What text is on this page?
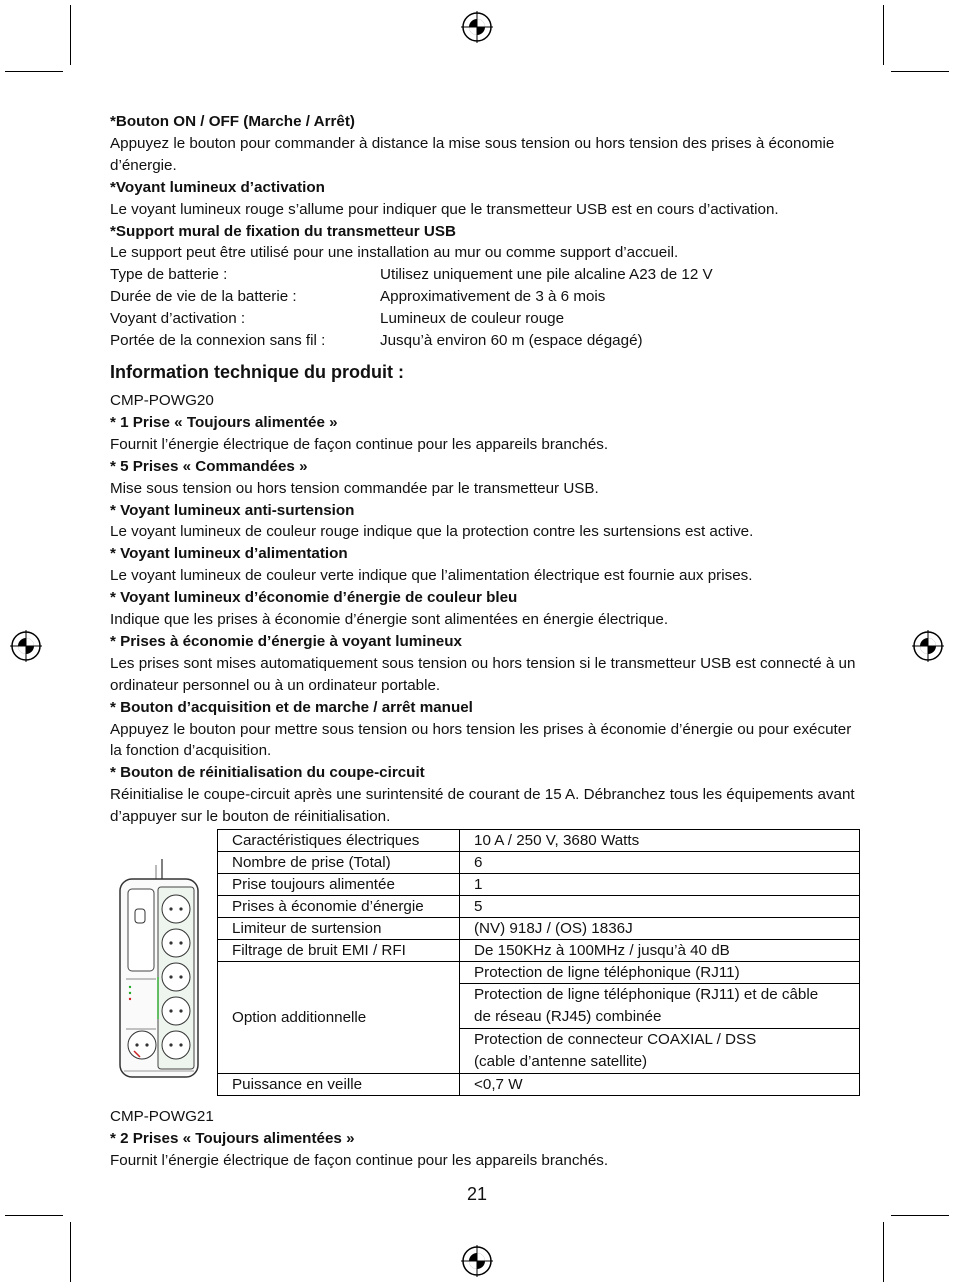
*Bouton ON / OFF (Marche / Arrêt)

Appuyez le bouton pour commander à distance la mise sous tension ou hors tension des prises à économie d’énergie.

*Voyant lumineux d’activation

Le voyant lumineux rouge s’allume pour indiquer que le transmetteur USB est en cours d’activation.

*Support mural de fixation du transmetteur USB

Le support peut être utilisé pour une installation au mur ou comme support d’accueil.

Type de batterie :	Utilisez uniquement une pile alcaline A23 de 12 V
Durée de vie de la batterie :	Approximativement de 3 à 6 mois
Voyant d’activation :	Lumineux de couleur rouge
Portée de la connexion sans fil :	Jusqu’à environ 60 m (espace dégagé)
Information technique du produit :

CMP-POWG20

* 1 Prise « Toujours alimentée »

Fournit l’énergie électrique de façon continue pour les appareils branchés.

* 5 Prises « Commandées »

Mise sous tension ou hors tension commandée par le transmetteur USB.

* Voyant lumineux anti-surtension

Le voyant lumineux de couleur rouge indique que la protection contre les surtensions est active.

* Voyant lumineux d’alimentation

Le voyant lumineux de couleur verte indique que l’alimentation électrique est fournie aux prises.

* Voyant lumineux d’économie d’énergie de couleur bleu

Indique que les prises à économie d’énergie sont alimentées en énergie électrique.

* Prises à économie d’énergie à voyant lumineux

Les prises sont mises automatiquement sous tension ou hors tension si le transmetteur USB est connecté à un ordinateur personnel ou à un ordinateur portable.

* Bouton d’acquisition et de marche / arrêt manuel

Appuyez le bouton pour mettre sous tension ou hors tension les prises à économie d’énergie ou pour exécuter la fonction d’acquisition.

* Bouton de réinitialisation du coupe-circuit

Réinitialise le coupe-circuit après une surintensité de courant de 15 A. Débranchez tous les équipements avant d’appuyer sur le bouton de réinitialisation.

Caractéristiques électriques	10 A / 250 V, 3680 Watts
Nombre de prise (Total)	6
Prise toujours alimentée	1
Prises à économie d’énergie	5
Limiteur de surtension	(NV) 918J / (OS) 1836J
Filtrage de bruit EMI / RFI	De 150KHz à 100MHz / jusqu’à 40 dB
Option additionnelle	Protection de ligne téléphonique (RJ11)

	Protection de ligne téléphonique (RJ11) et de câble
de réseau (RJ45) combinée

	Protection de connecteur COAXIAL / DSS
(cable d’antenne satellite)

Puissance en veille	<0,7 W

CMP-POWG21

* 2 Prises « Toujours alimentées »

Fournit l’énergie électrique de façon continue pour les appareils branchés.

21
